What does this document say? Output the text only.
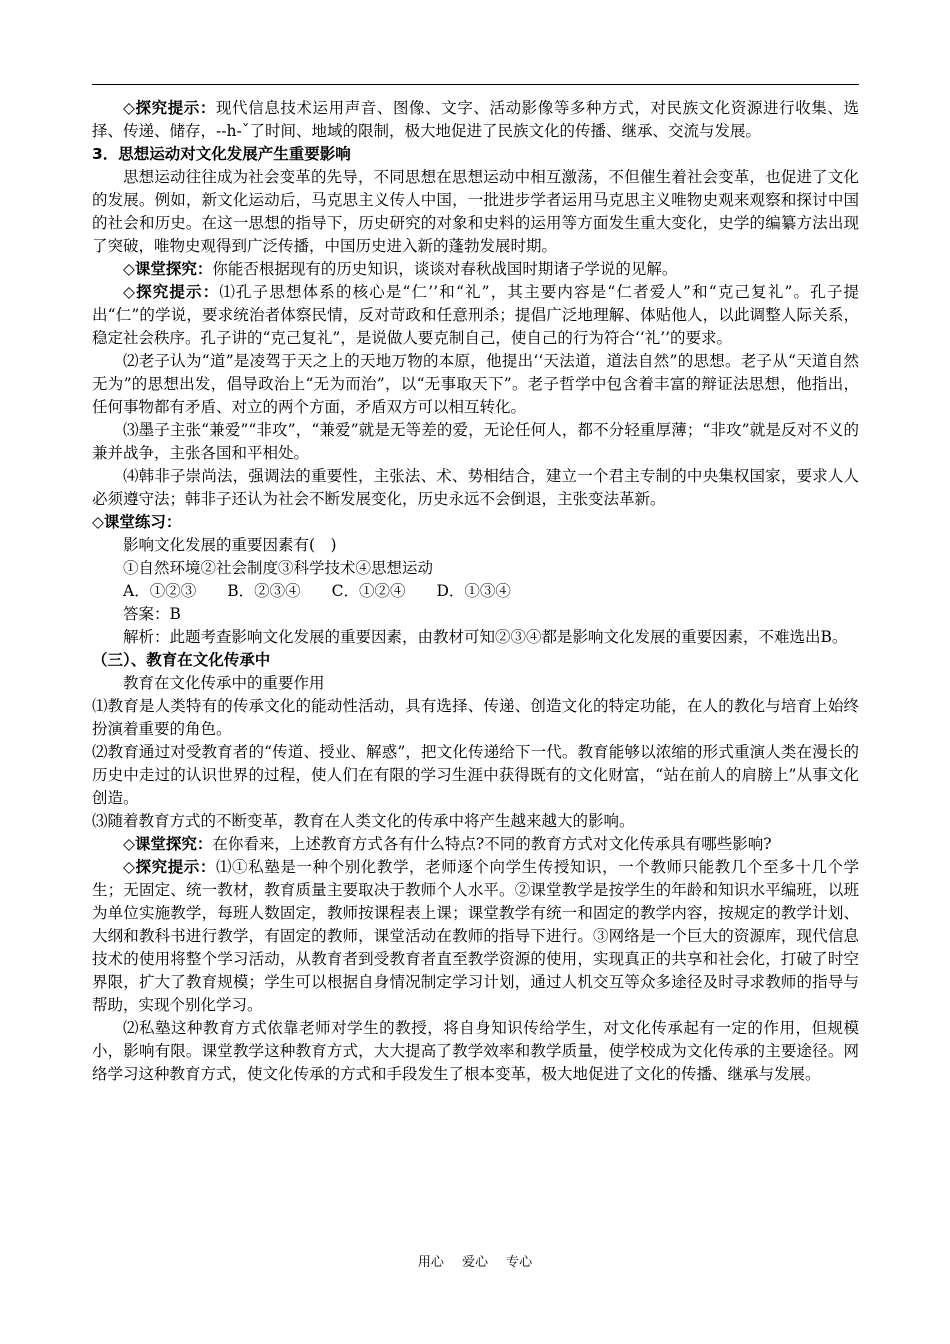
◇探究提示：现代信息技术运用声音、图像、文字、活动影像等多种方式，对民族文化资源进行收集、选择、传递、储存，--h-ˇ了时间、地域的限制，极大地促进了民族文化的传播、继承、交流与发展。

3．思想运动对文化发展产生重要影响

思想运动往往成为社会变革的先导，不同思想在思想运动中相互激荡，不但催生着社会变革，也促进了文化的发展。例如，新文化运动后，马克思主义传人中国，一批进步学者运用马克思主义唯物史观来观察和探讨中国的社会和历史。在这一思想的指导下，历史研究的对象和史料的运用等方面发生重大变化，史学的编纂方法出现了突破，唯物史观得到广泛传播，中国历史进入新的蓬勃发展时期。

◇课堂探究：你能否根据现有的历史知识，谈谈对春秋战国时期诸子学说的见解。

◇探究提示：⑴孔子思想体系的核心是“仁’’和“礼”，其主要内容是“仁者爱人”和“克己复礼”。孔子提出“仁”的学说，要求统治者体察民情，反对苛政和任意刑杀；提倡广泛地理解、体贴他人，以此调整人际关系，稳定社会秩序。孔子讲的“克己复礼”，是说做人要克制自己，使自己的行为符合‘‘礼’’的要求。

⑵老子认为“道”是凌驾于天之上的天地万物的本原，他提出‘‘天法道，道法自然”的思想。老子从“天道自然无为”的思想出发，倡导政治上“无为而治”，以“无事取天下”。老子哲学中包含着丰富的辩证法思想，他指出，任何事物都有矛盾、对立的两个方面，矛盾双方可以相互转化。

⑶墨子主张“兼爱”“非攻”，“兼爱”就是无等差的爱，无论任何人，都不分轻重厚薄；“非攻”就是反对不义的兼并战争，主张各国和平相处。

⑷韩非子崇尚法，强调法的重要性，主张法、术、势相结合，建立一个君主专制的中央集权国家，要求人人必须遵守法；韩非子还认为社会不断发展变化，历史永远不会倒退，主张变法革新。

◇课堂练习：

影响文化发展的重要因素有(　)

①自然环境②社会制度③科学技术④思想运动

A．①②③　　B．②③④　　C．①②④　　D．①③④

答案：B

解析：此题考查影响文化发展的重要因素，由教材可知②③④都是影响文化发展的重要因素，不难选出B。

（三）、教育在文化传承中

教育在文化传承中的重要作用

⑴教育是人类特有的传承文化的能动性活动，具有选择、传递、创造文化的特定功能，在人的教化与培育上始终扮演着重要的角色。

⑵教育通过对受教育者的“传道、授业、解惑”，把文化传递给下一代。教育能够以浓缩的形式重演人类在漫长的历史中走过的认识世界的过程，使人们在有限的学习生涯中获得既有的文化财富，“站在前人的肩膀上”从事文化创造。

⑶随着教育方式的不断变革，教育在人类文化的传承中将产生越来越大的影响。

◇课堂探究：在你看来，上述教育方式各有什么特点?不同的教育方式对文化传承具有哪些影响?

◇探究提示：⑴①私塾是一种个别化教学，老师逐个向学生传授知识，一个教师只能教几个至多十几个学生；无固定、统一教材，教育质量主要取决于教师个人水平。②课堂教学是按学生的年龄和知识水平编班，以班为单位实施教学，每班人数固定，教师按课程表上课；课堂教学有统一和固定的教学内容，按规定的教学计划、大纲和教科书进行教学，有固定的教师，课堂活动在教师的指导下进行。③网络是一个巨大的资源库，现代信息技术的使用将整个学习活动，从教育者到受教育者直至教学资源的使用，实现真正的共享和社会化，打破了时空界限，扩大了教育规模；学生可以根据自身情况制定学习计划，通过人机交互等众多途径及时寻求教师的指导与帮助，实现个别化学习。

⑵私塾这种教育方式依靠老师对学生的教授，将自身知识传给学生，对文化传承起有一定的作用，但规模小，影响有限。课堂教学这种教育方式，大大提高了教学效率和教学质量，使学校成为文化传承的主要途径。网络学习这种教育方式，使文化传承的方式和手段发生了根本变革，极大地促进了文化的传播、继承与发展。

用心 爱心 专心
